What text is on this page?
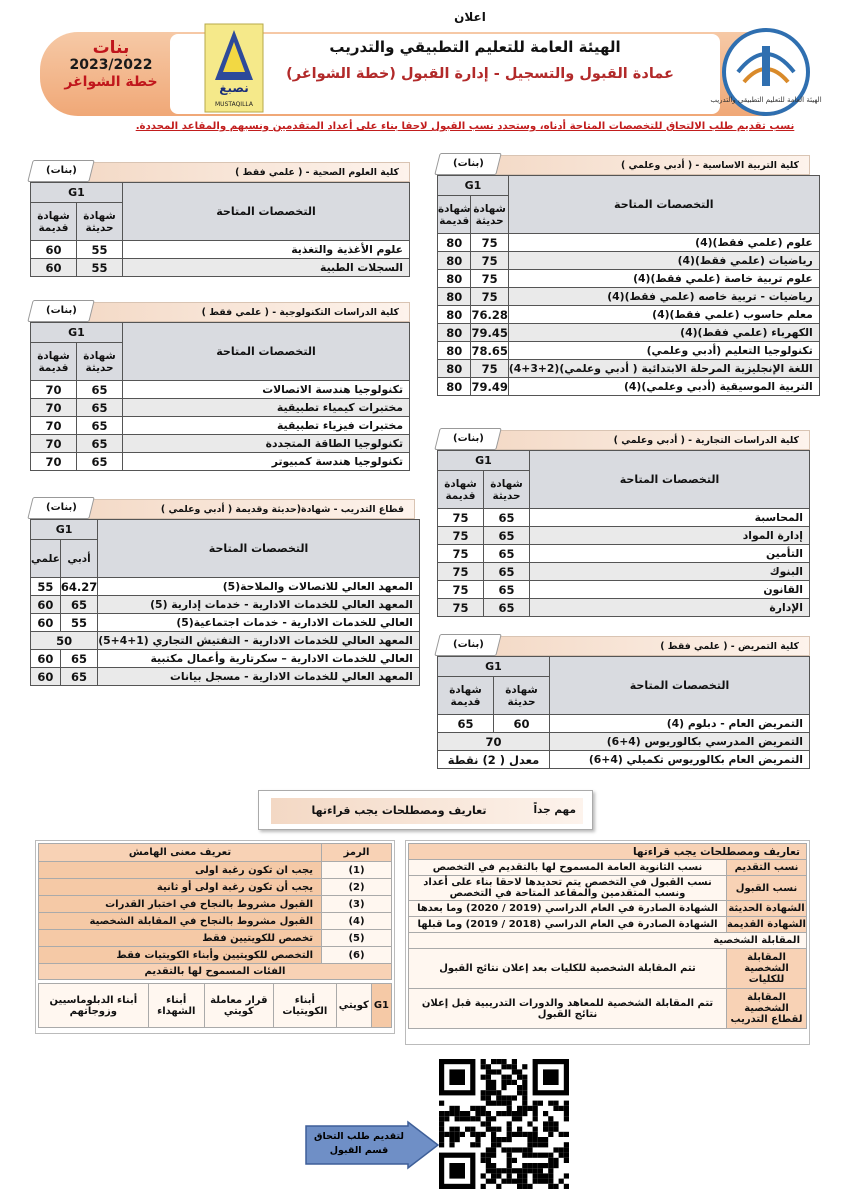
اعلان
الهيئة العامة للتعليم التطبيقي والتدريب
عمادة القبول والتسجيل - إدارة القبول (خطة الشواغر)
بنات
2023/2022
خطة الشواغر	نصبغ
MUSTAQILLA
الهيئة العامة للتعليم التطبيقي والتدريب
نسب تقديم طلب الالتحاق للتخصصات المتاحة أدناه، وستحدد نسب القبول لاحقا بناء على أعداد المتقدمين ونسبهم والمقاعد المحددة.
كلية التربية الاساسية - ( أدبي وعلمي )
(بنات)
التخصصات المتاحة	G1	
	شهادة حديثة	شهادة قديمة
علوم (علمي فقط)(4)	75	80
رياضيات (علمي فقط)(4)	75	80
علوم تربية خاصة (علمي فقط)(4)	75	80
رياضيات - تربية خاصه (علمي فقط)(4)	75	80
معلم حاسوب (علمي فقط)(4)	76.28	80
الكهرباء (علمي فقط)(4)	79.45	80
تكنولوجيا التعليم (أدبي وعلمي)	78.65	80
اللغة الإنجليزية المرحلة الابتدائية ( أدبي وعلمي)(2+3+4)	75	80
التربية الموسيقية (أدبي وعلمي)(4)	79.49	80
كلية العلوم الصحية - ( علمي فقط )
(بنات)
التخصصات المتاحة	G1	
	شهادة حديثة	شهادة قديمة
علوم الأغذية والتغذية	55	60
السجلات الطبية	55	60
كلية الدراسات التكنولوجية - ( علمي فقط )
(بنات)
التخصصات المتاحة	G1	
	شهادة حديثة	شهادة قديمة
تكنولوجيا هندسة الاتصالات	65	70
مختبرات كيمياء تطبيقية	65	70
مختبرات فيزياء تطبيقية	65	70
تكنولوجيا الطاقة المتجددة	65	70
تكنولوجيا هندسة كمبيوتر	65	70
كلية الدراسات التجارية - ( أدبي وعلمي )
(بنات)
التخصصات المتاحة	G1	
	شهادة حديثة	شهادة قديمة
المحاسبة	65	75
إدارة المواد	65	75
التأمين	65	75
البنوك	65	75
القانون	65	75
الإدارة	65	75
قطاع التدريب - شهادة(حديثة وقديمة ( أدبي وعلمي )
(بنات)
التخصصات المتاحة	G1	
	أدبي	علمي
المعهد العالي للاتصالات والملاحة(5)	64.27	55
المعهد العالي للخدمات الادارية - خدمات إدارية (5)	65	60
العالي للخدمات الادارية - خدمات اجتماعية(5)	55	60
المعهد العالي للخدمات الادارية - التفتيش التجاري (1+4+5)	50	
العالي للخدمات الادارية – سكرتارية وأعمال مكتبية	65	60
المعهد العالي للخدمات الادارية - مسجل بيانات	65	60
كلية التمريض - ( علمي فقط )
(بنات)
التخصصات المتاحة	G1	
	شهادة حديثة	شهادة قديمة
التمريض العام - دبلوم (4)	60	65
التمريض المدرسي بكالوريوس (4+6)	70	
التمريض العام بكالوريوس تكميلي (4+6)	معدل ( 2) نقطة	
تعاريف ومصطلحات يجب قراءتها	مهم جداً
تعاريف ومصطلحات يجب قراءتها	
نسب التقديم	نسب الثانوية العامة المسموح لها بالتقديم في التخصص
نسب القبول	نسب القبول في التخصص يتم تحديدها لاحقا بناء على أعداد ونسب المتقدمين والمقاعد المتاحة في التخصص
الشهادة الحديثة	الشهادة الصادرة في العام الدراسي (2019 / 2020) وما بعدها
الشهادة القديمة	الشهادة الصادرة في العام الدراسي (2018 / 2019) وما قبلها
المقابلة الشخصية	
المقابلة الشخصية للكليات	تتم المقابلة الشخصية للكليات بعد إعلان نتائج القبول
المقابلة الشخصية لقطاع التدريب	تتم المقابلة الشخصية للمعاهد والدورات التدريبية قبل إعلان نتائج القبول
الرمز	تعريف معنى الهامش
(1)	يجب ان تكون رغبة اولى
(2)	يجب أن تكون رغبة اولى أو ثانية
(3)	القبول مشروط بالنجاح في اختبار القدرات
(4)	القبول مشروط بالنجاح في المقابلة الشخصية
(5)	تخصص للكويتيين فقط
(6)	التخصص للكويتيين وأبناء الكويتيات فقط
الفئات المسموح لها بالتقديم	
G1	كويتي	أبناء الكويتيات	قرار معاملة كويتي	أبناء الشهداء	أبناء الدبلوماسيين وزوجاتهم
لتقديم طلب التحاق قسم القبول
